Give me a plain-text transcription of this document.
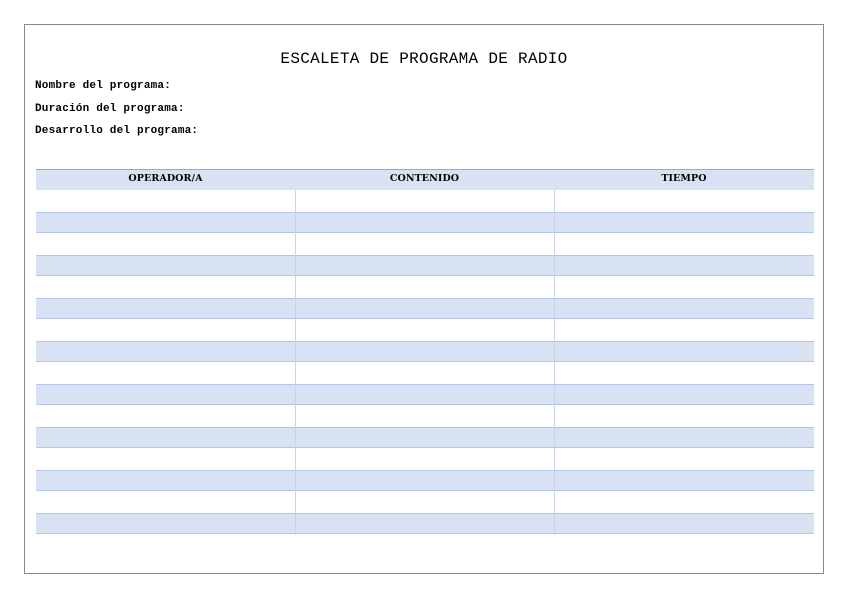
ESCALETA DE PROGRAMA DE RADIO
Nombre del programa:
Duración del programa:
Desarrollo del programa:
OPERADOR/A	CONTENIDO	TIEMPO
